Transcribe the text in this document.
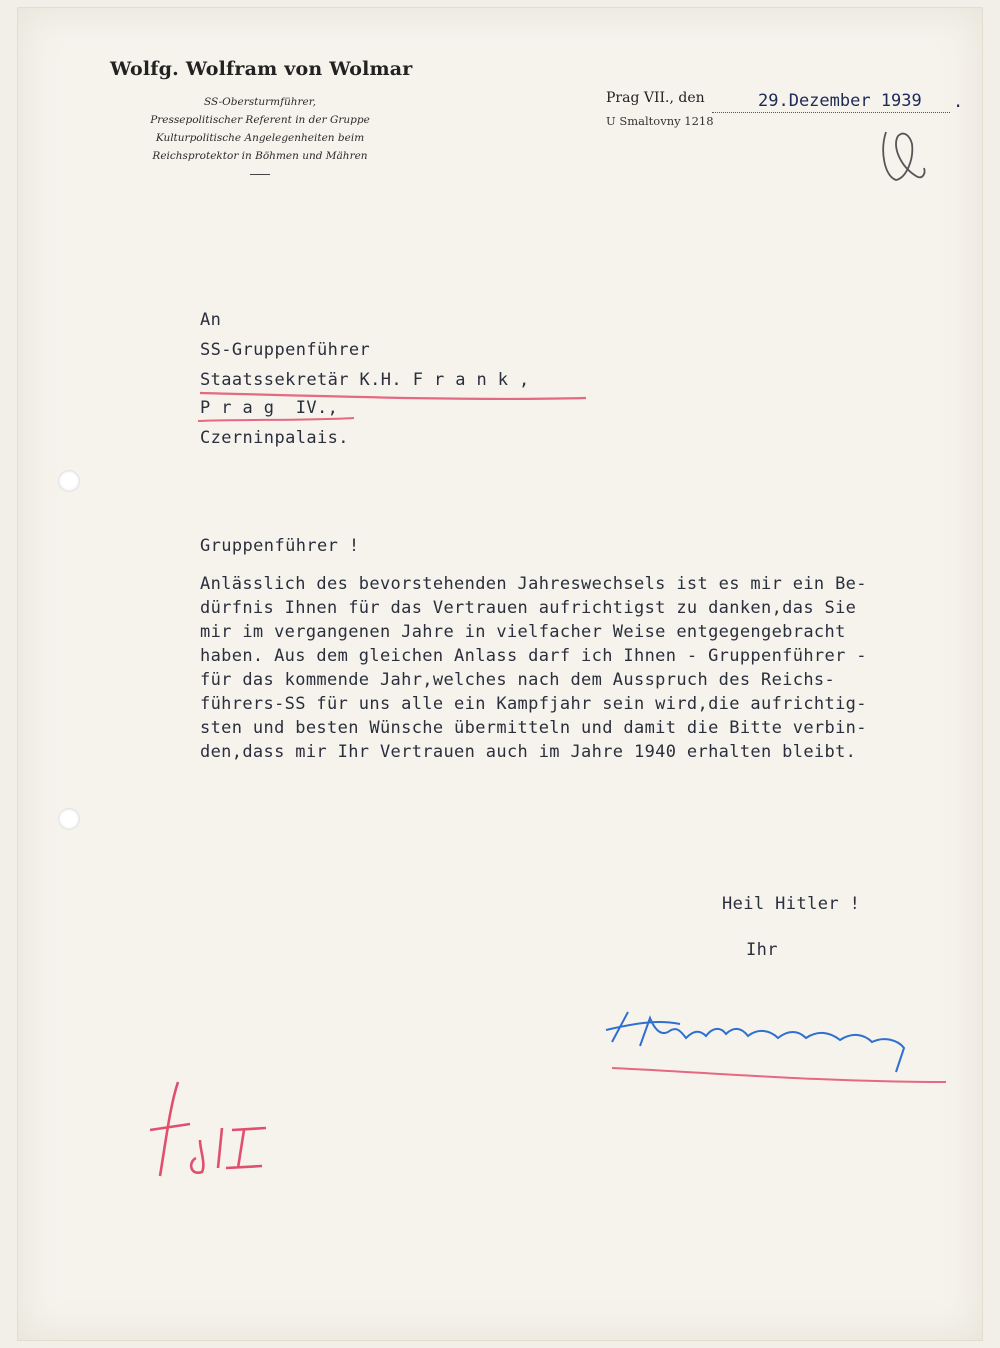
Wolfg. Wolfram von Wolmar
SS-Obersturmführer,
Pressepolitischer Referent in der Gruppe
Kulturpolitische Angelegenheiten beim
Reichsprotektor in Böhmen und Mähren
Prag VII., den	29.Dezember 1939 .
U Smaltovny 1218
An
SS-Gruppenführer
Staatssekretär K.H. F r a n k ,
P r a g  IV.,
Czerninpalais.
Gruppenführer !
Anlässlich des bevorstehenden Jahreswechsels ist es mir ein Be-
dürfnis Ihnen für das Vertrauen aufrichtigst zu danken,das Sie
mir im vergangenen Jahre in vielfacher Weise entgegengebracht
haben. Aus dem gleichen Anlass darf ich Ihnen - Gruppenführer -
für das kommende Jahr,welches nach dem Ausspruch des Reichs-
führers-SS für uns alle ein Kampfjahr sein wird,die aufrichtig-
sten und besten Wünsche übermitteln und damit die Bitte verbin-
den,dass mir Ihr Vertrauen auch im Jahre 1940 erhalten bleibt.
Heil Hitler !
Ihr
